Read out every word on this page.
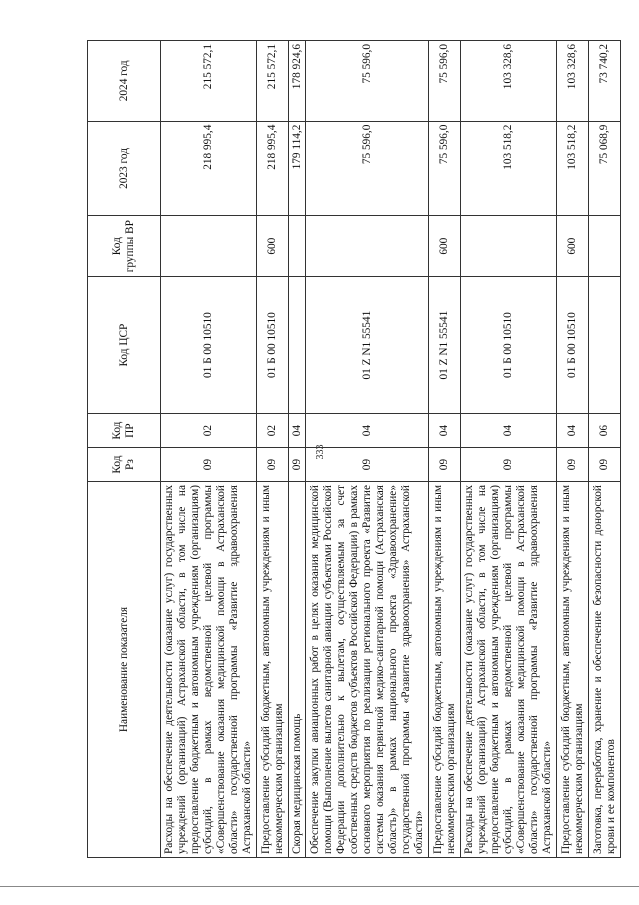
333
Наименование показателя	Код Рз	Код ПР	Код ЦСР	Код группы ВР	2023 год	2024 год
Расходы на обеспечение деятельности (оказание услуг) государственных учреждений (организаций) Астраханской области, в том числе на предоставление бюджетным и автономным учреждениям (организациям) субсидий, в рамках ведомственной целевой программы «Совершенствование оказания медицинской помощи в Астраханской области» государственной программы «Развитие здравоохранения Астраханской области»	09	02	01 Б 00 10510		218 995,4	215 572,1
Предоставление субсидий бюджетным, автономным учреждениям и иным некоммерческим организациям	09	02	01 Б 00 10510	600	218 995,4	215 572,1
Скорая медицинская помощь	09	04			179 114,2	178 924,6
Обеспечение закупки авиационных работ в целях оказания медицинской помощи (Выполнение вылетов санитарной авиации субъектами Российской Федерации дополнительно к вылетам, осуществляемым за счет собственных средств бюджетов субъектов Российской Федерации) в рамках основного мероприятия по реализации регионального проекта «Развитие системы оказания первичной медико-санитарной помощи (Астраханская область)» в рамках национального проекта «Здравоохранение» государственной программы «Развитие здравоохранения» Астраханской области»	09	04	01 Z N1 55541		75 596,0	75 596,0
Предоставление субсидий бюджетным, автономным учреждениям и иным некоммерческим организациям	09	04	01 Z N1 55541	600	75 596,0	75 596,0
Расходы на обеспечение деятельности (оказание услуг) государственных учреждений (организаций) Астраханской области, в том числе на предоставление бюджетным и автономным учреждениям (организациям) субсидий, в рамках ведомственной целевой программы «Совершенствование оказания медицинской помощи в Астраханской области» государственной программы «Развитие здравоохранения Астраханской области»	09	04	01 Б 00 10510		103 518,2	103 328,6
Предоставление субсидий бюджетным, автономным учреждениям и иным некоммерческим организациям	09	04	01 Б 00 10510	600	103 518,2	103 328,6
Заготовка, переработка, хранение и обеспечение безопасности донорской крови и ее компонентов	09	06			75 068,9	73 740,2
